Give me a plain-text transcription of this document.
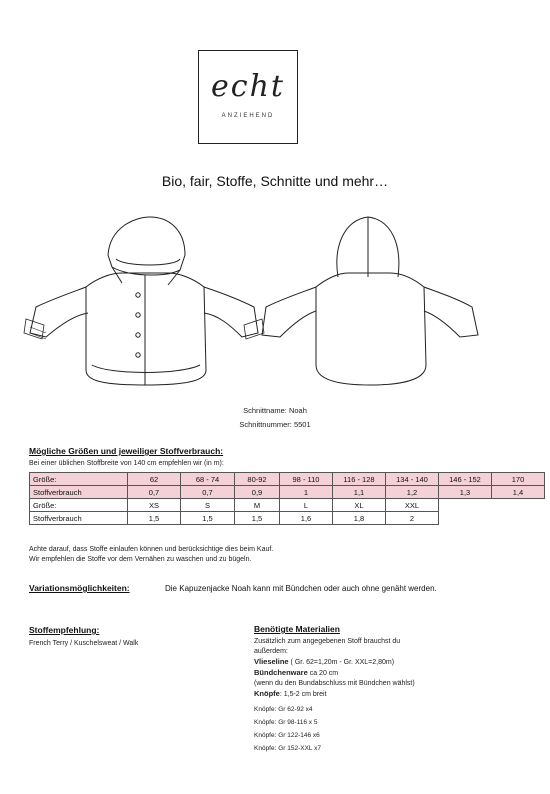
echt
ANZIEHEND
Bio, fair, Stoffe, Schnitte und mehr…
Schnittname: Noah
Schnittnummer: 5501
Mögliche Größen und jeweiliger Stoffverbrauch:
Bei einer üblichen Stoffbreite von 140 cm empfehlen wir (in m):
Größe:	62	68 - 74	80-92	98 - 110	116 - 128	134 - 140	146 - 152	170
Stoffverbrauch	0,7	0,7	0,9	1	1,1	1,2	1,3	1,4
Größe:	XS	S	M	L	XL	XXL		
Stoffverbrauch	1,5	1,5	1,5	1,6	1,8	2		
Achte darauf, dass Stoffe einlaufen können und berücksichtige dies beim Kauf.
Wir empfehlen die Stoffe vor dem Vernähen zu waschen und zu bügeln.
Variationsmöglichkeiten:	Die Kapuzenjacke Noah kann mit Bündchen oder auch ohne genäht werden.
Stoffempfehlung:
French Terry / Kuschelsweat / Walk
Benötigte Materialien
Zusätzlich zum angegebenen Stoff brauchst du
außerdem:
Vlieseline ( Gr. 62=1,20m - Gr. XXL=2,80m)
Bündchenware ca 20 cm
(wenn du den Bundabschluss mit Bündchen wählst)
Knöpfe: 1,5-2 cm breit
Knöpfe: Gr 62-92 x4
Knöpfe: Gr 98-116 x 5
Knöpfe: Gr 122-146 x6
Knöpfe: Gr 152-XXL x7
